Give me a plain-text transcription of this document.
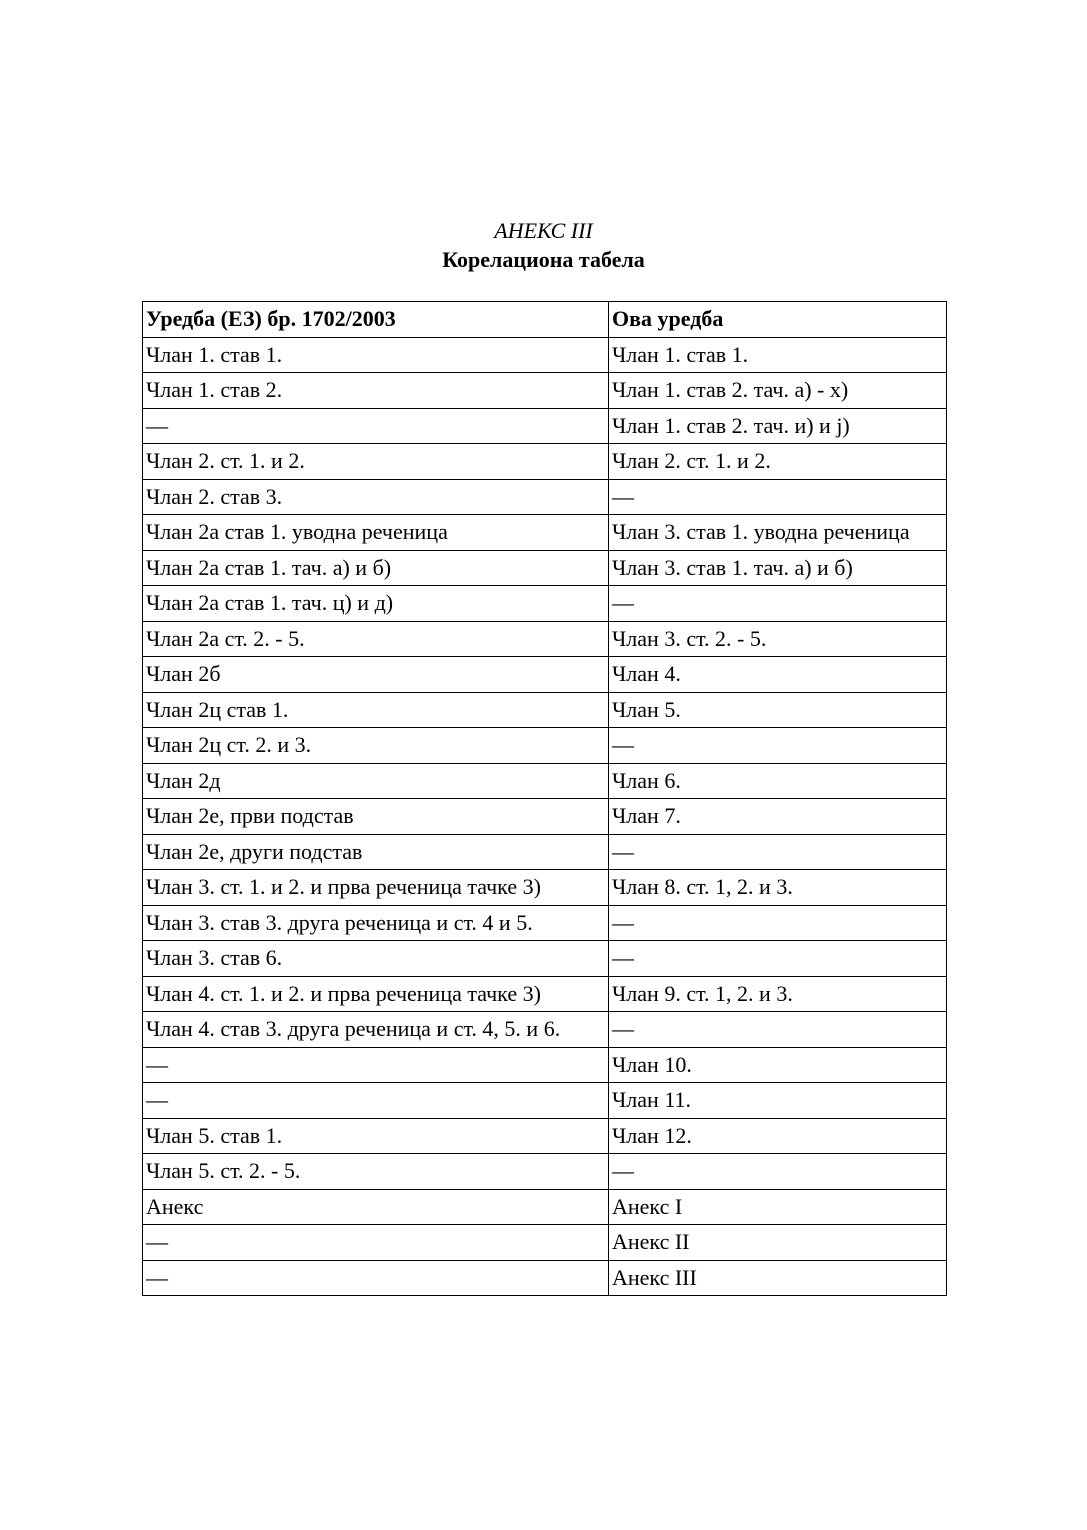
АНЕКС III
Корелациона табела
Уредба (ЕЗ) бр. 1702/2003	Ова уредба
Члан 1. став 1.	Члан 1. став 1.
Члан 1. став 2.	Члан 1. став 2. тач. а) - х)
—	Члан 1. став 2. тач. и) и ј)
Члан 2. ст. 1. и 2.	Члан 2. ст. 1. и 2.
Члан 2. став 3.	—
Члан 2а став 1. уводна реченица	Члан 3. став 1. уводна реченица
Члан 2а став 1. тач. а) и б)	Члан 3. став 1. тач. а) и б)
Члан 2а став 1. тач. ц) и д)	—
Члан 2а ст. 2. - 5.	Члан 3. ст. 2. - 5.
Члан 2б	Члан 4.
Члан 2ц став 1.	Члан 5.
Члан 2ц ст. 2. и 3.	—
Члан 2д	Члан 6.
Члан 2е, први подстав	Члан 7.
Члан 2е, други подстав	—
Члан 3. ст. 1. и 2. и прва реченица тачке 3)	Члан 8. ст. 1, 2. и 3.
Члан 3. став 3. друга реченица и ст. 4 и 5.	—
Члан 3. став 6.	—
Члан 4. ст. 1. и 2. и прва реченица тачке 3)	Члан 9. ст. 1, 2. и 3.
Члан 4. став 3. друга реченица и ст. 4, 5. и 6.	—
—	Члан 10.
—	Члан 11.
Члан 5. став 1.	Члан 12.
Члан 5. ст. 2. - 5.	—
Анекс	Анекс I
—	Анекс II
—	Анекс III
